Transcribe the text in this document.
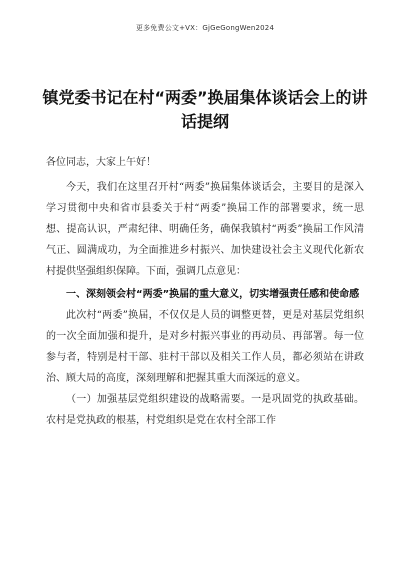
更多免费公文+VX：GjGeGongWen2024
镇党委书记在村“两委”换届集体谈话会上的讲话提纲

各位同志，大家上午好！

今天，我们在这里召开村“两委”换届集体谈话会，主要目的是深入学习贯彻中央和省市县委关于村“两委”换届工作的部署要求，统一思想、提高认识，严肃纪律、明确任务，确保我镇村“两委”换届工作风清气正、圆满成功，为全面推进乡村振兴、加快建设社会主义现代化新农村提供坚强组织保障。下面，强调几点意见：

一、深刻领会村“两委”换届的重大意义，切实增强责任感和使命感

此次村“两委”换届，不仅仅是人员的调整更替，更是对基层党组织的一次全面加强和提升，是对乡村振兴事业的再动员、再部署。每一位参与者，特别是村干部、驻村干部以及相关工作人员，都必须站在讲政治、顾大局的高度，深刻理解和把握其重大而深远的意义。

（一）加强基层党组织建设的战略需要。一是巩固党的执政基础。农村是党执政的根基，村党组织是党在农村全部工作
